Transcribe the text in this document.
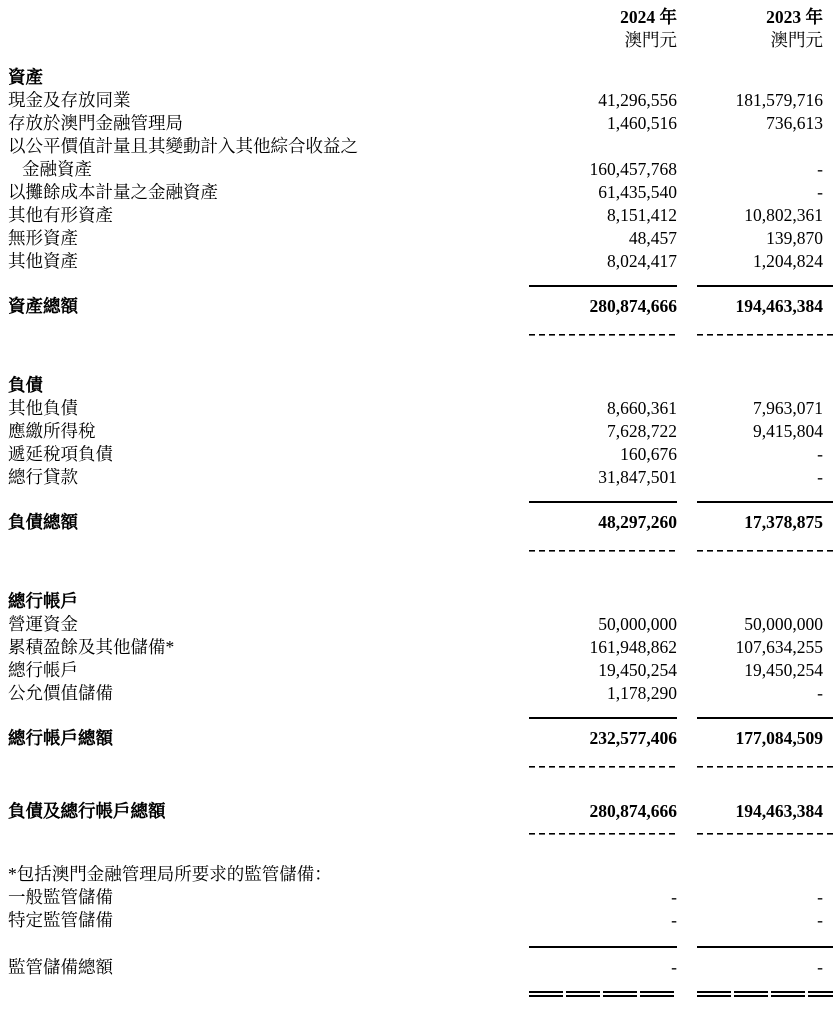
2024 年	2023 年
澳門元	澳門元
資產
現金及存放同業	41,296,556	181,579,716
存放於澳門金融管理局	1,460,516	736,613
以公平價值計量且其變動計入其他綜合收益之
金融資產	160,457,768	-
以攤餘成本計量之金融資產	61,435,540	-
其他有形資產	8,151,412	10,802,361
無形資產	48,457	139,870
其他資產	8,024,417	1,204,824
資產總額	280,874,666	194,463,384
負債
其他負債	8,660,361	7,963,071
應繳所得稅	7,628,722	9,415,804
遞延稅項負債	160,676	-
總行貸款	31,847,501	-
負債總額	48,297,260	17,378,875
總行帳戶
營運資金	50,000,000	50,000,000
累積盈餘及其他儲備*	161,948,862	107,634,255
總行帳戶	19,450,254	19,450,254
公允價值儲備	1,178,290	-
總行帳戶總額	232,577,406	177,084,509
負債及總行帳戶總額	280,874,666	194,463,384
*包括澳門金融管理局所要求的監管儲備：
一般監管儲備	-	-
特定監管儲備	-	-
監管儲備總額	-	-
